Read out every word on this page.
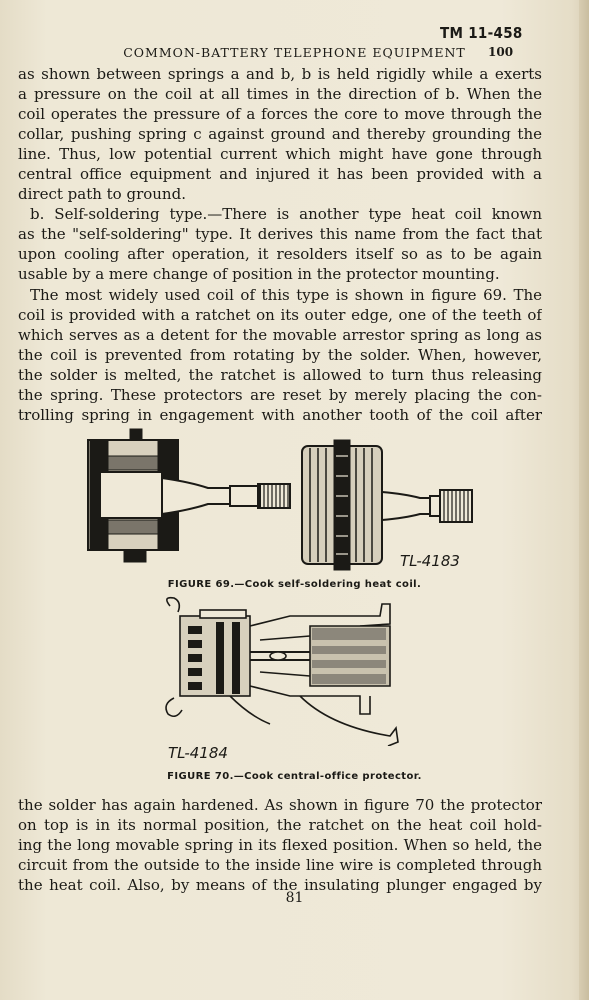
TM 11-458
COMMON-BATTERY TELEPHONE EQUIPMENT 100
as shown between springs a and b, b is held rigidly while a exerts
a pressure on the coil at all times in the direction of b. When the
coil operates the pressure of a forces the core to move through the
collar, pushing spring c against ground and thereby grounding the
line. Thus, low potential current which might have gone through
central office equipment and injured it has been provided with a
direct path to ground.
b. Self-soldering type.—There is another type heat coil known
as the "self-soldering" type. It derives this name from the fact that
upon cooling after operation, it resolders itself so as to be again
usable by a mere change of position in the protector mounting.
The most widely used coil of this type is shown in figure 69. The
coil is provided with a ratchet on its outer edge, one of the teeth of
which serves as a detent for the movable arrestor spring as long as
the coil is prevented from rotating by the solder. When, however,
the solder is melted, the ratchet is allowed to turn thus releasing
the spring. These protectors are reset by merely placing the con-
trolling spring in engagement with another tooth of the coil after
TL-4183
FIGURE 69.—Cook self-soldering heat coil.
TL-4184
FIGURE 70.—Cook central-office protector.
the solder has again hardened. As shown in figure 70 the protector
on top is in its normal position, the ratchet on the heat coil hold-
ing the long movable spring in its flexed position. When so held, the
circuit from the outside to the inside line wire is completed through
the heat coil. Also, by means of the insulating plunger engaged by
81
